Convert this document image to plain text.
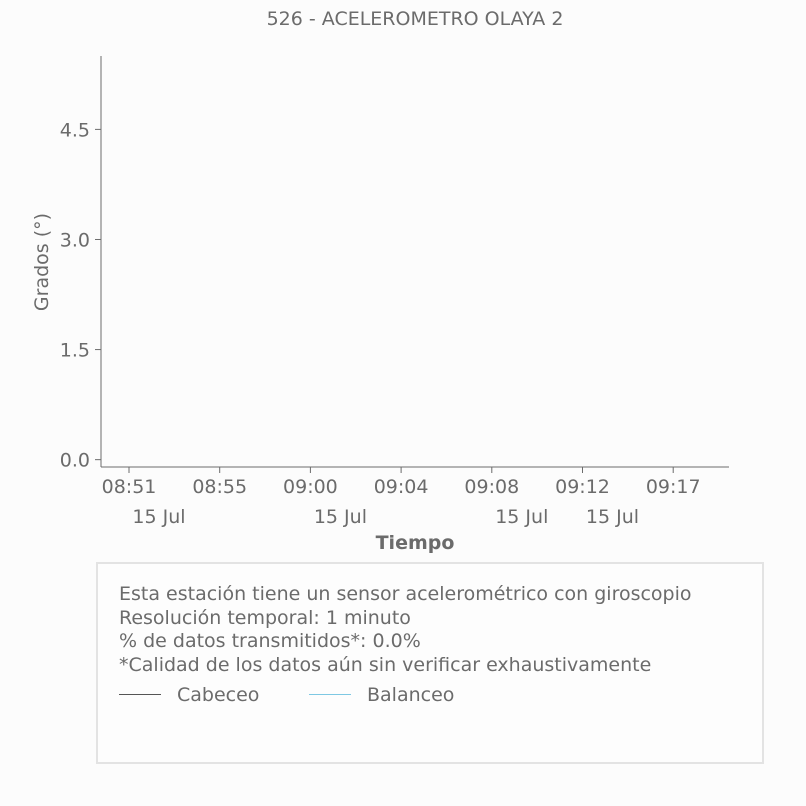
526 - ACELEROMETRO OLAYA 2
0.0
1.5
3.0
4.5
08:51
15 Jul
08:55 09:00
15 Jul
09:04 09:08
15 Jul
09:12
15 Jul
09:17
Grados (°)
Tiempo
Esta estación tiene un sensor acelerométrico con giroscopio
Resolución temporal: 1 minuto
% de datos transmitidos*: 0.0%
*Calidad de los datos aún sin verificar exhaustivamente
Cabeceo	Balanceo
